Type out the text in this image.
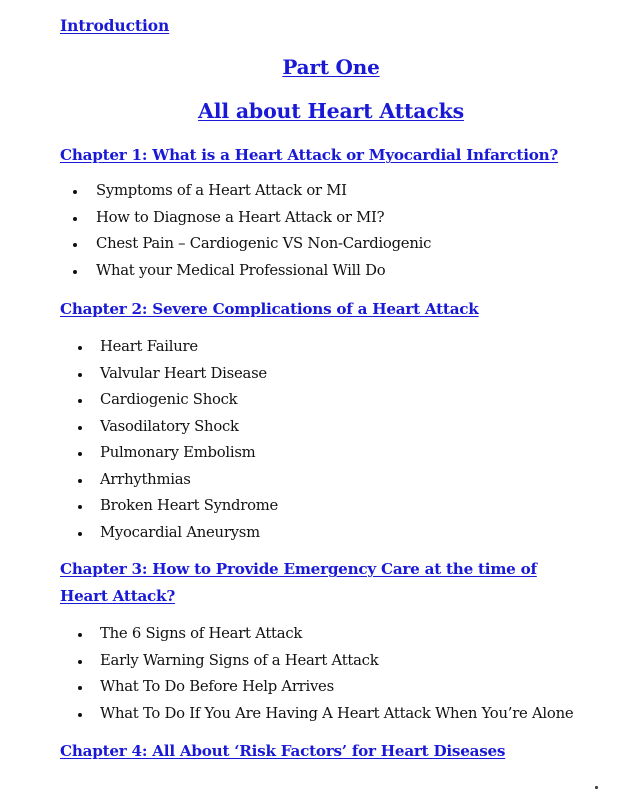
Introduction
Part One
All about Heart Attacks
Chapter 1: What is a Heart Attack or Myocardial Infarction?
Symptoms of a Heart Attack or MI
How to Diagnose a Heart Attack or MI?
Chest Pain – Cardiogenic VS Non-Cardiogenic
What your Medical Professional Will Do
Chapter 2: Severe Complications of a Heart Attack
Heart Failure
Valvular Heart Disease
Cardiogenic Shock
Vasodilatory Shock
Pulmonary Embolism
Arrhythmias
Broken Heart Syndrome
Myocardial Aneurysm
Chapter 3: How to Provide Emergency Care at the time of Heart Attack?
The 6 Signs of Heart Attack
Early Warning Signs of a Heart Attack
What To Do Before Help Arrives
What To Do If You Are Having A Heart Attack When You’re Alone
Chapter 4: All About ‘Risk Factors’ for Heart Diseases
